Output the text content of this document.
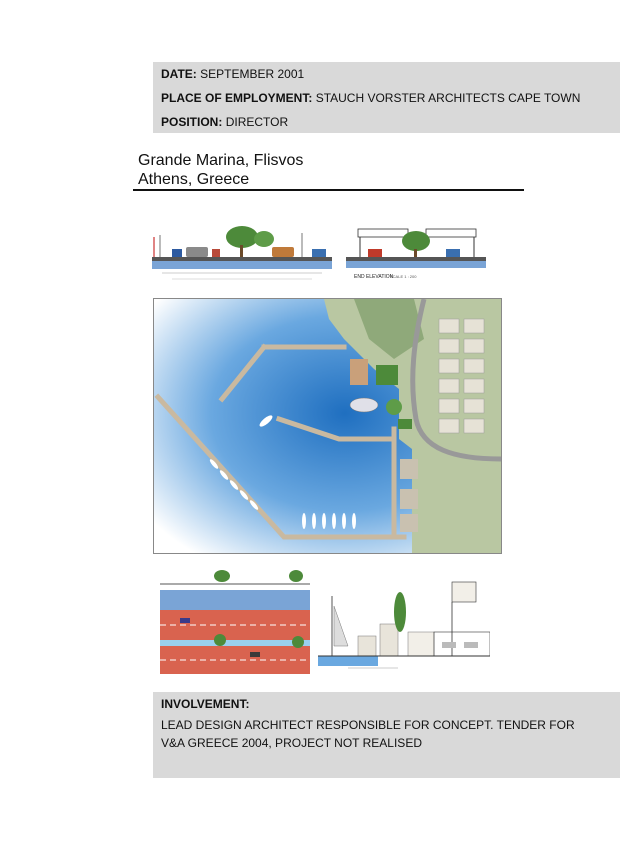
DATE: SEPTEMBER 2001
PLACE OF EMPLOYMENT: STAUCH VORSTER ARCHITECTS CAPE TOWN
POSITION: DIRECTOR
Grande Marina, Flisvos
Athens, Greece
END ELEVATION
SCALE 1 : 200
INVOLVEMENT:
LEAD DESIGN ARCHITECT RESPONSIBLE FOR CONCEPT. TENDER FOR V&A GREECE 2004, PROJECT NOT REALISED
